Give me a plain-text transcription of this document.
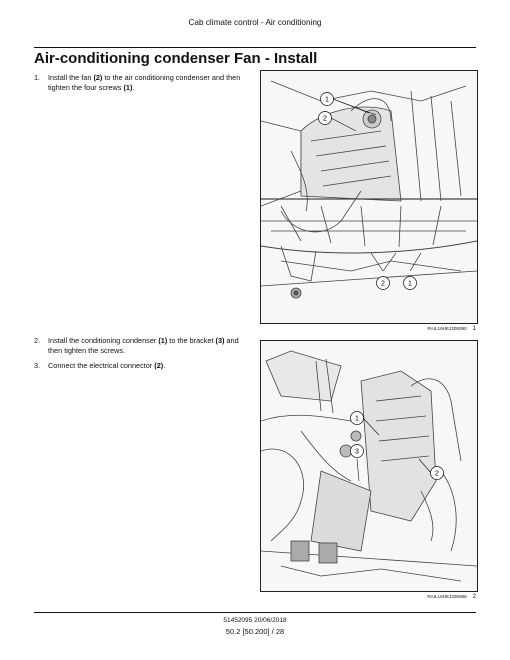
Cab climate control - Air conditioning
Air-conditioning condenser Fan - Install
1. Install the fan (2) to the air conditioning condenser and then tighten the four screws (1).
2. Install the conditioning condenser (1) to the bracket (3) and then tighten the screws.
3. Connect the electrical connector (2).
1
2
2	1
RAIL16HEJ205080 1
1
3
2
RAIL16HEJ205086 2
51452095 20/06/2018
50.2 [50.200] / 28
